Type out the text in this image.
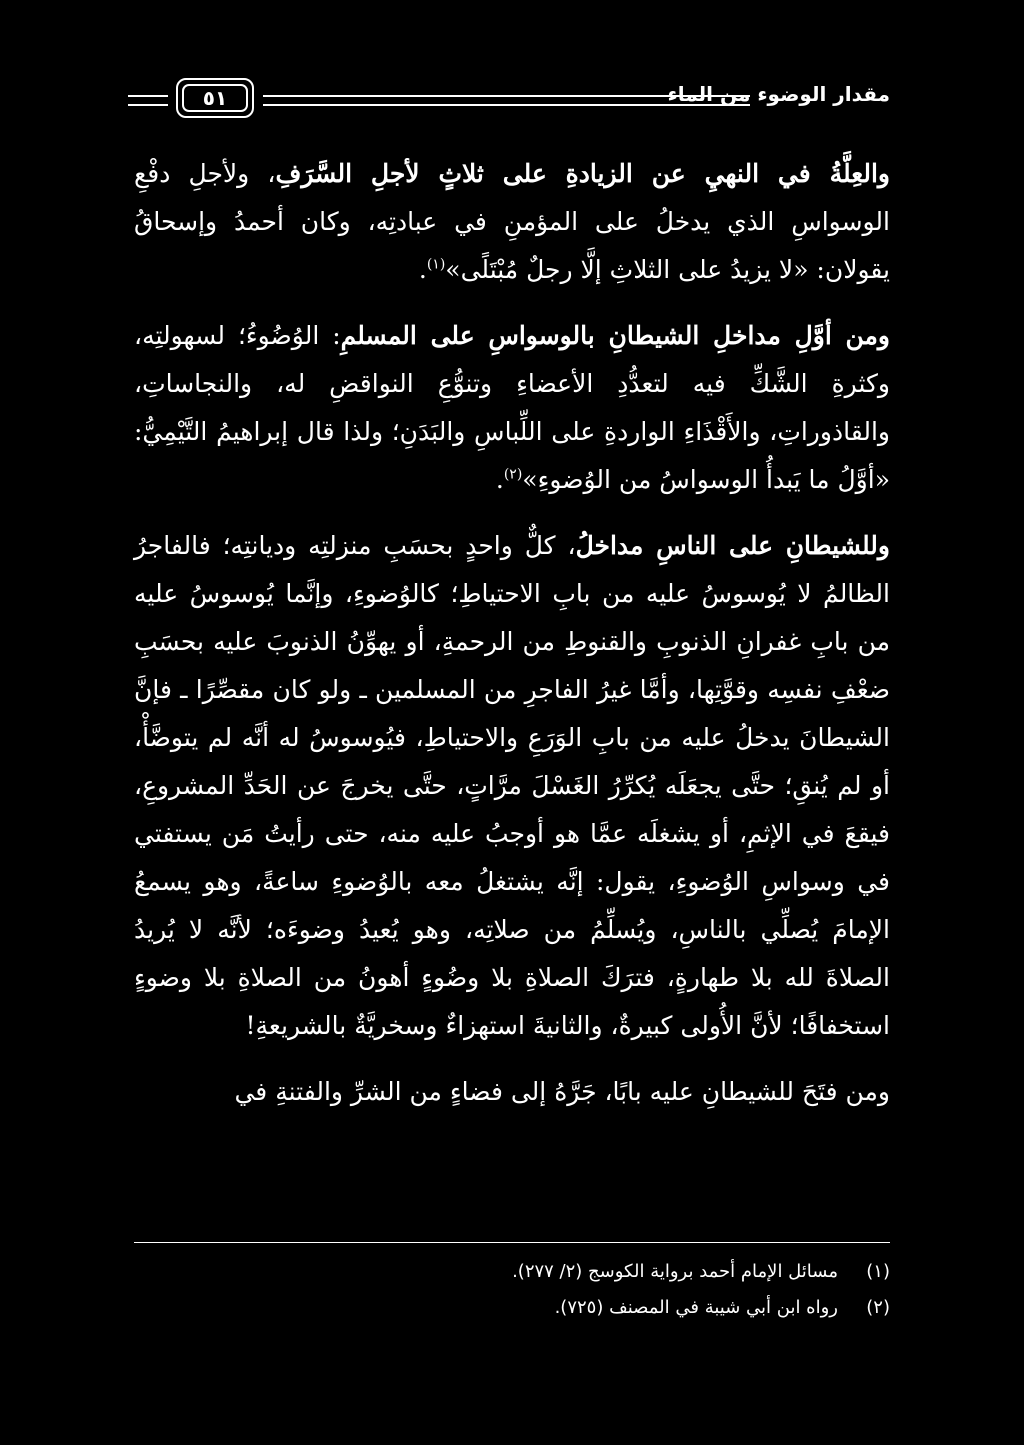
مقدار الوضوء من الماء
٥١

والعِلَّةُ في النهيِ عن الزيادةِ على ثلاثٍ لأجلِ السَّرَفِ، ولأجلِ دفْعِ الوسواسِ الذي يدخلُ على المؤمنِ في عبادتِه، وكان أحمدُ وإسحاقُ يقولان: «لا يزيدُ على الثلاثِ إلَّا رجلٌ مُبْتَلًى»$^{(١)}$.

ومن أوَّلِ مداخلِ الشيطانِ بالوسواسِ على المسلمِ: الوُضُوءُ؛ لسهولتِه، وكثرةِ الشَّكِّ فيه لتعدُّدِ الأعضاءِ وتنوُّعِ النواقضِ له، والنجاساتِ، والقاذوراتِ، والأَقْذَاءِ الواردةِ على اللِّباسِ والبَدَنِ؛ ولذا قال إبراهيمُ التَّيْمِيُّ: «أوَّلُ ما يَبدأُ الوسواسُ من الوُضوءِ»$^{(٢)}$.

وللشيطانِ على الناسِ مداخلُ، كلٌّ واحدٍ بحسَبِ منزلتِه وديانتِه؛ فالفاجرُ الظالمُ لا يُوسوسُ عليه من بابِ الاحتياطِ؛ كالوُضوءِ، وإنَّما يُوسوسُ عليه من بابِ غفرانِ الذنوبِ والقنوطِ من الرحمةِ، أو يهوِّنُ الذنوبَ عليه بحسَبِ ضعْفِ نفسِه وقوَّتِها، وأمَّا غيرُ الفاجرِ من المسلمين ـ ولو كان مقصِّرًا ـ فإنَّ الشيطانَ يدخلُ عليه من بابِ الوَرَعِ والاحتياطِ، فيُوسوسُ له أنَّه لم يتوضَّأْ، أو لم يُنقِ؛ حتَّى يجعَلَه يُكرِّرُ الغَسْلَ مرَّاتٍ، حتَّى يخرجَ عن الحَدِّ المشروعِ، فيقعَ في الإثمِ، أو يشغلَه عمَّا هو أوجبُ عليه منه، حتى رأيتُ مَن يستفتي في وسواسِ الوُضوءِ، يقول: إنَّه يشتغلُ معه بالوُضوءِ ساعةً، وهو يسمعُ الإمامَ يُصلِّي بالناسِ، ويُسلِّمُ من صلاتِه، وهو يُعيدُ وضوءَه؛ لأنَّه لا يُريدُ الصلاةَ لله بلا طهارةٍ، فترَكَ الصلاةِ بلا وضُوءٍ أهونُ من الصلاةِ بلا وضوءٍ استخفافًا؛ لأنَّ الأُولى كبيرةٌ، والثانيةَ استهزاءٌ وسخريَّةٌ بالشريعةِ!

ومن فتَحَ للشيطانِ عليه بابًا، جَرَّهُ إلى فضاءٍ من الشرِّ والفتنةِ في

(١)
مسائل الإمام أحمد برواية الكوسج (٢/ ٢٧٧).
(٢)
رواه ابن أبي شيبة في المصنف (٧٢٥).
